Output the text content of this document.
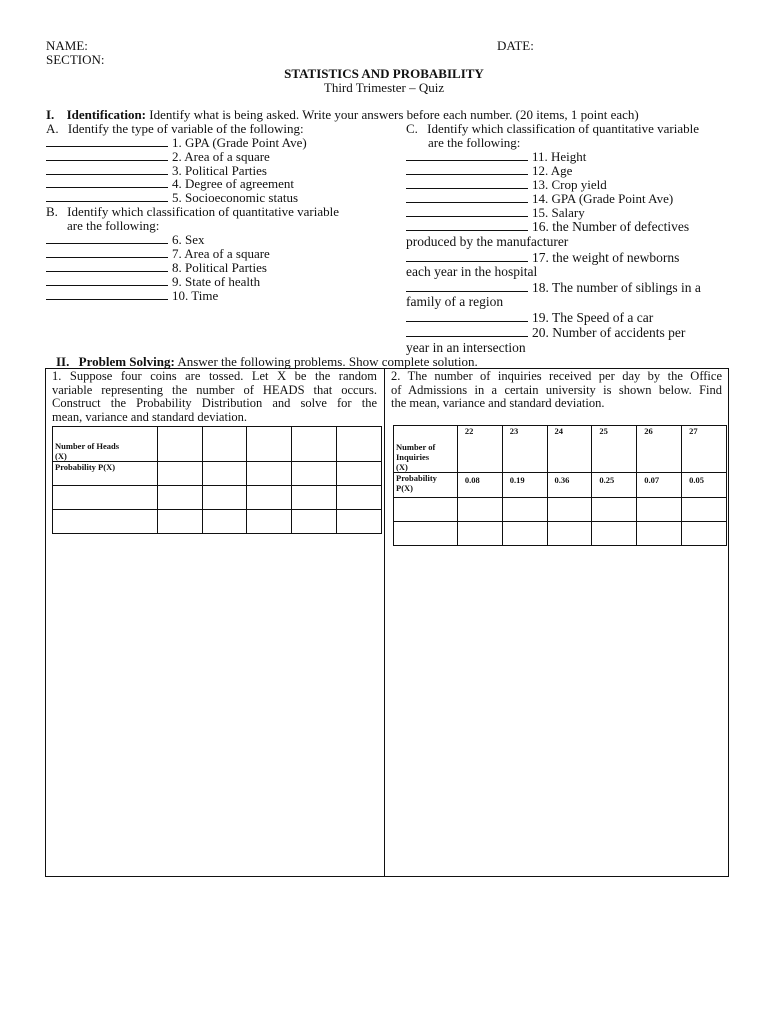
NAME:	DATE:
SECTION:
STATISTICS AND PROBABILITY
Third Trimester – Quiz
I. Identification: Identify what is being asked. Write your answers before each number. (20 items, 1 point each)
A. Identify the type of variable of the following:
1. GPA (Grade Point Ave)
2. Area of a square
3. Political Parties
4. Degree of agreement
5. Socioeconomic status
B. Identify which classification of quantitative variable
are the following:
6. Sex
7. Area of a square
8. Political Parties
9. State of health
10. Time
C. Identify which classification of quantitative variable
are the following:
11. Height
12. Age
13. Crop yield
14. GPA (Grade Point Ave)
15. Salary
16. the Number of defectives
produced by the manufacturer
17. the weight of newborns
each year in the hospital
18. The number of siblings in a
family of a region
19. The Speed of a car
20. Number of accidents per
year in an intersection
II. Problem Solving: Answer the following problems. Show complete solution.
1. Suppose four coins are tossed. Let X be the random
variable representing the number of HEADS that occurs.
Construct the Probability Distribution and solve for the
mean, variance and standard deviation.
Number of Heads
(X)					

Probability P(X)					

2. The number of inquiries received per day by the Office
of Admissions in a certain university is shown below. Find
the mean, variance and standard deviation.
Number of
Inquiries
(X)	22	23	24	25	26	27

Probability
P(X)	0.08	0.19	0.36	0.25	0.07	0.05
